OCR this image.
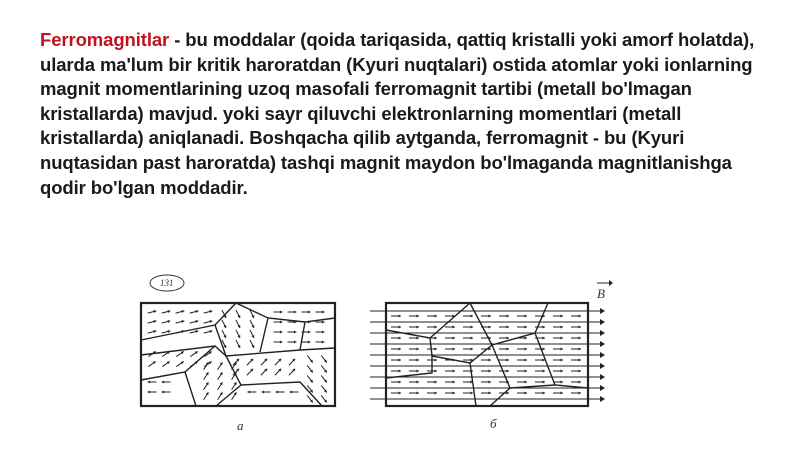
Ferromagnitlar - bu moddalar (qoida tariqasida, qattiq kristalli yoki amorf holatda), ularda ma'lum bir kritik haroratdan (Kyuri nuqtalari) ostida atomlar yoki ionlarning magnit momentlarining uzoq masofali ferromagnit tartibi (metall bo'lmagan kristallarda) mavjud. yoki sayr qiluvchi elektronlarning momentlari (metall kristallarda) aniqlanadi. Boshqacha qilib aytganda, ferromagnit - bu (Kyuri nuqtasidan past haroratda) tashqi magnit maydon bo'lmaganda magnitlanishga qodir bo'lgan moddadir.
131
a
B
б
